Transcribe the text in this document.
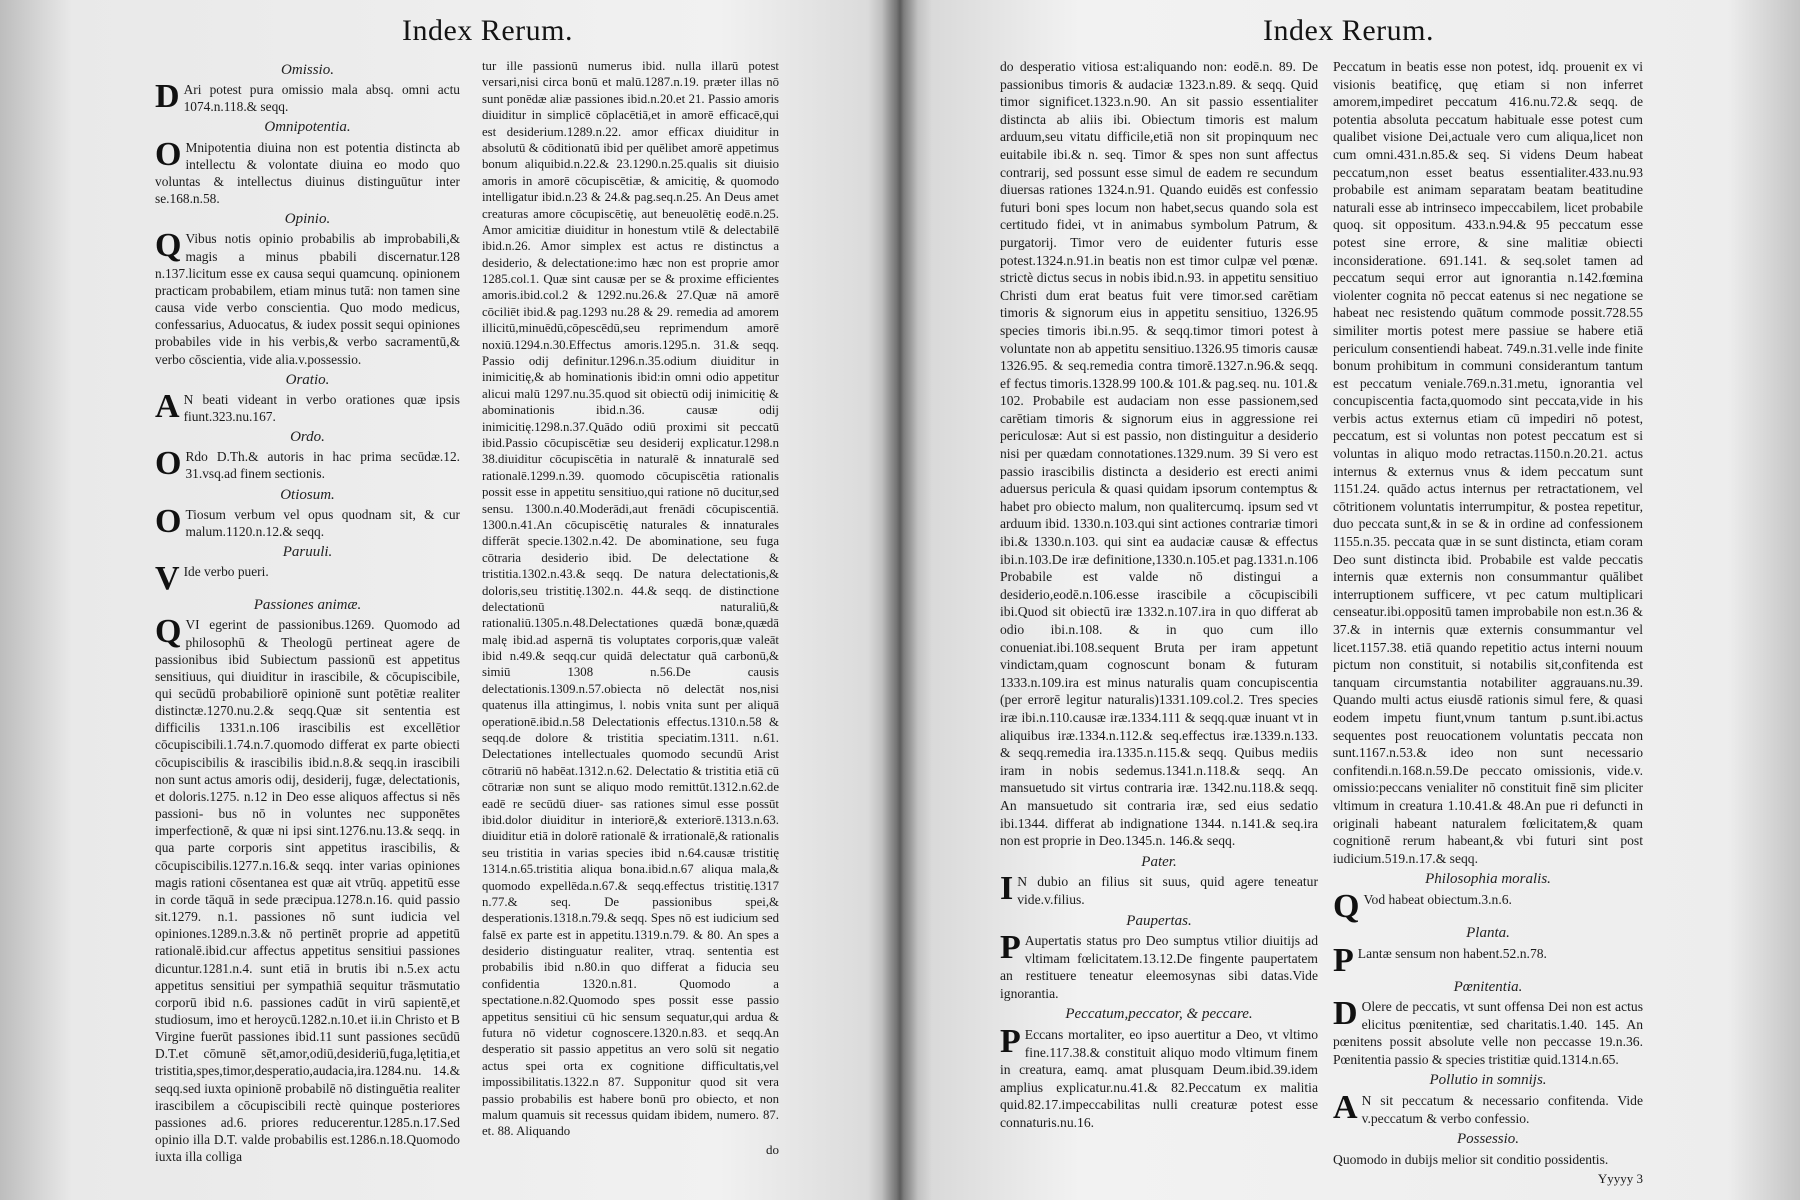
Index Rerum.
Omissio.
D Ari potest pura omissio mala absq. omni actu 1074.n.118.& seqq.
Omnipotentia.
O Mnipotentia diuina non est potentia distincta ab intellectu & volontate diuina eo modo quo voluntas & intellectus diuinus distinguūtur inter se.168.n.58.
Opinio.
Q Vibus notis opinio probabilis ab improbabili,& magis a minus pbabili discernatur.128 n.137.licitum esse ex causa sequi quamcunq. opinionem practicam probabilem, etiam minus tutā: non tamen sine causa vide verbo conscientia. Quo modo medicus, confessarius, Aduocatus, & iudex possit sequi opiniones probabiles vide in his verbis,& verbo sacramentū,& verbo cōscientia, vide alia.v.possessio.
Oratio.
A N beati videant in verbo orationes quæ ipsis fiunt.323.nu.167.
Ordo.
O Rdo D.Th.& autoris in hac prima secūdæ.12. 31.vsq.ad finem sectionis.
Otiosum.
O Tiosum verbum vel opus quodnam sit, & cur malum.1120.n.12.& seqq.
Paruuli.
V Ide verbo pueri.
Passiones animæ.
QVI egerint de passionibus.1269. Quomodo ad philosophū & Theologū pertineat agere de passionibus ibid Subiectum passionū est appetitus sensitiuus, qui diuiditur in irascibile, & cōcupiscibile, qui secūdū probabiliorē opinionē sunt potētiæ realiter distinctæ.1270.nu.2.& seqq.Quæ sit sententia est difficilis 1331.n.106 irascibilis est excellētior cōcupiscibili.1.74.n.7.quomodo differat ex parte obiecti cōcupiscibilis & irascibilis ibid.n.8.& seqq.in irascibili non sunt actus amoris odij, desiderij, fugæ, delectationis, et doloris.1275. n.12 in Deo esse aliquos affectus si nēs passioni- bus nō in voluntes nec supponētes imperfectionē, & quæ ni ipsi sint.1276.nu.13.& seqq. in qua parte corporis sint appetitus irascibilis, & cōcupiscibilis.1277.n.16.& seqq. inter varias opiniones magis rationi cōsentanea est quæ ait vtrūq. appetitū esse in corde tāquā in sede præcipua.1278.n.16. quid passio sit.1279. n.1. passiones nō sunt iudicia vel opiniones.1289.n.3.& nō pertinēt proprie ad appetitū rationalē.ibid.cur affectus appetitus sensitiui passiones dicuntur.1281.n.4. sunt etiā in brutis ibi n.5.ex actu appetitus sensitiui per sympathiā sequitur trāsmutatio corporū ibid n.6. passiones cadūt in virū sapientē,et studiosum, imo et heroycū.1282.n.10.et ii.in Christo et B Virgine fuerūt passiones ibid.11 sunt passiones secūdū D.T.et cōmunē sēt,amor,odiū,desideriū,fuga,lętitia,et tristitia,spes,timor,desperatio,audacia,ira.1284.nu. 14.& seqq.sed iuxta opinionē probabilē nō distinguētia realiter irascibilem a cōcupiscibili rectè quinque posteriores passiones ad.6. priores reducerentur.1285.n.17.Sed opinio illa D.T. valde probabilis est.1286.n.18.Quomodo iuxta illa colliga

tur ille passionū numerus ibid. nulla illarū potest versari,nisi circa bonū et malū.1287.n.19. præter illas nō sunt ponēdæ aliæ passiones ibid.n.20.et 21. Passio amoris diuiditur in simplicē cōplacētiā,et in amorē efficacē,qui est desiderium.1289.n.22. amor efficax diuiditur in absolutū & cōditionatū ibid per quēlibet amorē appetimus bonum aliquibid.n.22.& 23.1290.n.25.qualis sit diuisio amoris in amorē cōcupiscētiæ, & amicitię, & quomodo intelligatur ibid.n.23 & 24.& pag.seq.n.25. An Deus amet creaturas amore cōcupiscētię, aut beneuolētię eodē.n.25. Amor amicitiæ diuiditur in honestum vtilē & delectabilē ibid.n.26. Amor simplex est actus re distinctus a desiderio, & delectatione:imo hæc non est proprie amor 1285.col.1. Quæ sint causæ per se & proxime efficientes amoris.ibid.col.2 & 1292.nu.26.& 27.Quæ nā amorē cōciliēt ibid.& pag.1293 nu.28 & 29. remedia ad amorem illicitū,minuēdū,cōpescēdū,seu reprimendum amorē noxiū.1294.n.30.Effectus amoris.1295.n. 31.& seqq. Passio odij definitur.1296.n.35.odium diuiditur in inimicitię,& ab hominationis ibid:in omni odio appetitur alicui malū 1297.nu.35.quod sit obiectū odij inimicitię & abominationis ibid.n.36. causæ odij inimicitię.1298.n.37.Quādo odiū proximi sit peccatū ibid.Passio cōcupiscētiæ seu desiderij explicatur.1298.n 38.diuiditur cōcupiscētia in naturalē & innaturalē sed rationalē.1299.n.39. quomodo cōcupiscētia rationalis possit esse in appetitu sensitiuo,qui ratione nō ducitur,sed sensu. 1300.n.40.Moderādi,aut frenādi cōcupiscentiā. 1300.n.41.An cōcupiscētię naturales & innaturales differāt specie.1302.n.42. De abominatione, seu fuga cōtraria desiderio ibid. De delectatione & tristitia.1302.n.43.& seqq. De natura delectationis,& doloris,seu tristitię.1302.n. 44.& seqq. de distinctione delectationū naturaliū,& rationaliū.1305.n.48.Delectationes quædā bonæ,quædā malę ibid.ad aspernā tis voluptates corporis,quæ valeāt ibid n.49.& seqq.cur quidā delectatur quā carbonū,& simiū 1308 n.56.De causis delectationis.1309.n.57.obiecta nō delectāt nos,nisi quatenus illa attingimus, l. nobis vnita sunt per aliquā operationē.ibid.n.58 Delectationis effectus.1310.n.58 & seqq.de dolore & tristitia speciatim.1311. n.61. Delectationes intellectuales quomodo secundū Arist cōtrariū nō habēat.1312.n.62. Delectatio & tristitia etiā cū cōtrariæ non sunt se aliquo modo remittūt.1312.n.62.de eadē re secūdū diuer- sas rationes simul esse possūt ibid.dolor diuiditur in interiorē,& exteriorē.1313.n.63. diuiditur etiā in dolorē rationalē & irrationalē,& rationalis seu tristitia in varias species ibid n.64.causæ tristitię 1314.n.65.tristitia aliqua bona.ibid.n.67 aliqua mala,& quomodo expellēda.n.67.& seqq.effectus tristitię.1317 n.77.& seq. De passionibus spei,& desperationis.1318.n.79.& seqq. Spes nō est iudicium sed falsē ex parte est in appetitu.1319.n.79. & 80. An spes a desiderio distinguatur realiter, vtraq. sententia est probabilis ibid n.80.in quo differat a fiducia seu confidentia 1320.n.81. Quomodo a spectatione.n.82.Quomodo spes possit esse passio appetitus sensitiui cū hic sensum sequatur,qui ardua & futura nō videtur cognoscere.1320.n.83. et seqq.An desperatio sit passio appetitus an vero solū sit negatio actus spei orta ex cognitione difficultatis,vel impossibilitatis.1322.n 87. Supponitur quod sit vera passio probabilis est habere bonū pro obiecto, et non malum quamuis sit recessus quidam ibidem, numero. 87. et. 88. Aliquando

do
Index Rerum.

do desperatio vitiosa est:aliquando non: eodē.n. 89. De passionibus timoris & audaciæ 1323.n.89. & seqq. Quid timor significet.1323.n.90. An sit passio essentialiter distincta ab aliis ibi. Obiectum timoris est malum arduum,seu vitatu difficile,etiā non sit propinquum nec euitabile ibi.& n. seq. Timor & spes non sunt affectus contrarij, sed possunt esse simul de eadem re secundum diuersas rationes 1324.n.91. Quando euidēs est confessio futuri boni spes locum non habet,secus quando sola est certitudo fidei, vt in animabus symbolum Patrum, & purgatorij. Timor vero de euidenter futuris esse potest.1324.n.91.in beatis non est timor culpæ vel pœnæ. strictè dictus secus in nobis ibid.n.93. in appetitu sensitiuo Christi dum erat beatus fuit vere timor.sed carētiam timoris & signorum eius in appetitu sensitiuo, 1326.95 species timoris ibi.n.95. & seqq.timor timori potest à voluntate non ab appetitu sensitiuo.1326.95 timoris causæ 1326.95. & seq.remedia contra timorē.1327.n.96.& seqq. ef fectus timoris.1328.99 100.& 101.& pag.seq. nu. 101.& 102. Probabile est audaciam non esse passionem,sed carētiam timoris & signorum eius in aggressione rei periculosæ: Aut si est passio, non distinguitur a desiderio nisi per quædam connotationes.1329.num. 39 Si vero est passio irascibilis distincta a desiderio est erecti animi aduersus pericula & quasi quidam ipsorum contemptus & habet pro obiecto malum, non qualitercumq. ipsum sed vt arduum ibid. 1330.n.103.qui sint actiones contrariæ timori ibi.& 1330.n.103. qui sint ea audaciæ causæ & effectus ibi.n.103.De iræ definitione,1330.n.105.et pag.1331.n.106 Probabile est valde nō distingui a desiderio,eodē.n.106.esse irascibile a cōcupiscibili ibi.Quod sit obiectū iræ 1332.n.107.ira in quo differat ab odio ibi.n.108. & in quo cum illo conueniat.ibi.108.sequent Bruta per iram appetunt vindictam,quam cognoscunt bonam & futuram 1333.n.109.ira est minus naturalis quam concupiscentia (per errorē legitur naturalis)1331.109.col.2. Tres species iræ ibi.n.110.causæ iræ.1334.111 & seqq.quæ inuant vt in aliquibus iræ.1334.n.112.& seq.effectus iræ.1339.n.133. & seqq.remedia ira.1335.n.115.& seqq. Quibus mediis iram in nobis sedemus.1341.n.118.& seqq. An mansuetudo sit virtus contraria iræ. 1342.nu.118.& seqq. An mansuetudo sit contraria iræ, sed eius sedatio ibi.1344. differat ab indignatione 1344. n.141.& seq.ira non est proprie in Deo.1345.n. 146.& seqq.

Pater.
I N dubio an filius sit suus, quid agere teneatur vide.v.filius.
Paupertas.
P Aupertatis status pro Deo sumptus vtilior diuitijs ad vltimam fœlicitatem.13.12.De fingente paupertatem an restituere teneatur eleemosynas sibi datas.Vide ignorantia.
Peccatum,peccator, & peccare.
P Eccans mortaliter, eo ipso auertitur a Deo, vt vltimo fine.117.38.& constituit aliquo modo vltimum finem in creatura, eamq. amat plusquam Deum.ibid.39.idem amplius explicatur.nu.41.& 82.Peccatum ex malitia quid.82.17.impeccabilitas nulli creaturæ potest esse connaturis.nu.16.

Peccatum in beatis esse non potest, idq. prouenit ex vi visionis beatificę, quę etiam si non inferret amorem,impediret peccatum 416.nu.72.& seqq. de potentia absoluta peccatum habituale esse potest cum qualibet visione Dei,actuale vero cum aliqua,licet non cum omni.431.n.85.& seq. Si videns Deum habeat peccatum,non esset beatus essentialiter.433.nu.93 probabile est animam separatam beatam beatitudine naturali esse ab intrinseco impeccabilem, licet probabile quoq. sit oppositum. 433.n.94.& 95 peccatum esse potest sine errore, & sine malitiæ obiecti inconsideratione. 691.141. & seq.solet tamen ad peccatum sequi error aut ignorantia n.142.fœmina violenter cognita nō peccat eatenus si nec negatione se habeat nec resistendo quātum commode possit.728.55 similiter mortis potest mere passiue se habere etiā periculum consentiendi habeat. 749.n.31.velle inde finite bonum prohibitum in communi considerantum tantum est peccatum veniale.769.n.31.metu, ignorantia vel concupiscentia facta,quomodo sint peccata,vide in his verbis actus externus etiam cū impediri nō potest, peccatum, est si voluntas non potest peccatum est si voluntas in aliquo modo retractas.1150.n.20.21. actus internus & externus vnus & idem peccatum sunt 1151.24. quādo actus internus per retractationem, vel cōtritionem voluntatis interrumpitur, & postea repetitur, duo peccata sunt,& in se & in ordine ad confessionem 1155.n.35. peccata quæ in se sunt distincta, etiam coram Deo sunt distincta ibid. Probabile est valde peccatis internis quæ externis non consummantur quālibet interruptionem sufficere, vt pec catum multiplicari censeatur.ibi.oppositū tamen improbabile non est.n.36 & 37.& in internis quæ externis consummantur vel licet.1157.38. etiā quando repetitio actus interni nouum pictum non constituit, si notabilis sit,confitenda est tanquam circumstantia notabiliter aggrauans.nu.39. Quando multi actus eiusdē rationis simul fere, & quasi eodem impetu fiunt,vnum tantum p.sunt.ibi.actus sequentes post reuocationem voluntatis peccata non sunt.1167.n.53.& ideo non sunt necessario confitendi.n.168.n.59.De peccato omissionis, vide.v. omissio:peccans venialiter nō constituit finē sim pliciter vltimum in creatura 1.10.41.& 48.An pue ri defuncti in originali habeant naturalem fœlicitatem,& quam cognitionē rerum habeant,& vbi futuri sint post iudicium.519.n.17.& seqq.

Philosophia moralis.
Q Vod habeat obiectum.3.n.6.
Planta.
P Lantæ sensum non habent.52.n.78.
Pœnitentia.
D Olere de peccatis, vt sunt offensa Dei non est actus elicitus pœnitentiæ, sed charitatis.1.40. 145. An pœnitens possit absolute velle non peccasse 19.n.36. Pœnitentia passio & species tristitiæ quid.1314.n.65.
Pollutio in somnijs.
A N sit peccatum & necessario confitenda. Vide v.peccatum & verbo confessio.
Possessio.
Quomodo in dubijs melior sit conditio possidentis.
Yyyyy 3
